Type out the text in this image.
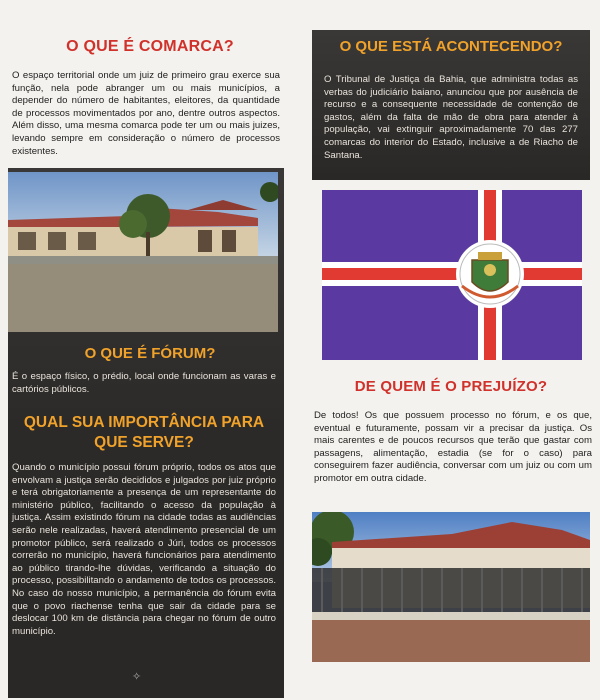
O QUE É COMARCA?

O espaço territorial onde um juiz de primeiro grau exerce sua função, nela pode abranger um ou mais municípios, a depender do número de habitantes, eleitores, da quantidade de processos movimentados por ano, dentre outros aspectos. Além disso, uma mesma comarca pode ter um ou mais juizes, levando sempre em consideração o número de processos existentes.

O QUE É FÓRUM?

É o espaço físico, o prédio, local onde funcionam as varas e cartórios públicos.

QUAL SUA IMPORTÂNCIA PARA QUE SERVE?

Quando o município possui fórum próprio, todos os atos que envolvam a justiça serão decididos e julgados por juiz próprio e terá obrigatoriamente a presença de um representante do ministério público, facilitando o acesso da população à justiça. Assim existindo fórum na cidade todas as audiências serão nele realizadas, haverá atendimento presencial de um promotor público, será realizado o Júri, todos os processos correrão no município, haverá funcionários para atendimento ao público tirando-lhe dúvidas, verificando a situação do processo, possibilitando o andamento de todos os processos. No caso do nosso município, a permanência do fórum evita que o povo riachense tenha que sair da cidade para se deslocar 100 km de distância para chegar no fórum de outro município.

✧
O QUE ESTÁ ACONTECENDO?

O Tribunal de Justiça da Bahia, que administra todas as verbas do judiciário baiano, anunciou que por ausência de recurso e a consequente necessidade de contenção de gastos, além da falta de mão de obra para atender à população, vai extinguir aproximadamente 70 das 277 comarcas do interior do Estado, inclusive a de Riacho de Santana.

DE QUEM É O PREJUÍZO?

De todos! Os que possuem processo no fórum, e os que, eventual e futuramente, possam vir a precisar da justiça. Os mais carentes e de poucos recursos que terão que gastar com passagens, alimentação, estadia (se for o caso) para conseguirem fazer audiência, conversar com um juiz ou com um promotor em outra cidade.
